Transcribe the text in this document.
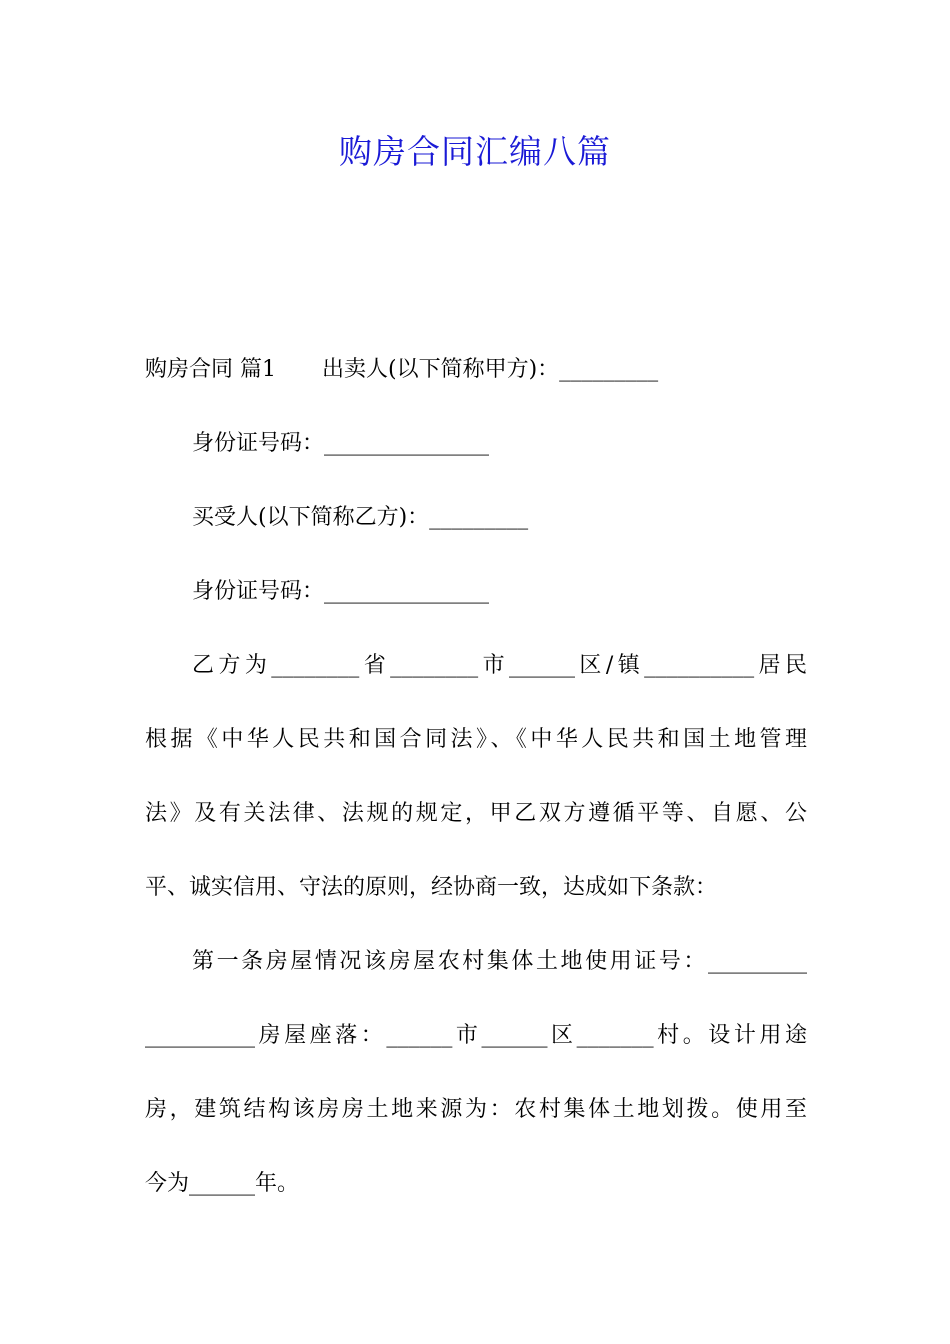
购房合同汇编八篇
购房合同 篇1 出卖人(以下简称甲方)：_________
身份证号码：_______________
买受人(以下简称乙方)：_________
身份证号码：_______________
乙方为________省________市______区/镇__________居民
根据《中华人民共和国合同法》、《中华人民共和国土地管理
法》及有关法律、法规的规定，甲乙双方遵循平等、自愿、公
平、诚实信用、守法的原则，经协商一致，达成如下条款：
第一条房屋情况该房屋农村集体土地使用证号：_________
__________房屋座落：______市______区_______村。设计用途
房，建筑结构该房房土地来源为：农村集体土地划拨。使用至
今为______年。
